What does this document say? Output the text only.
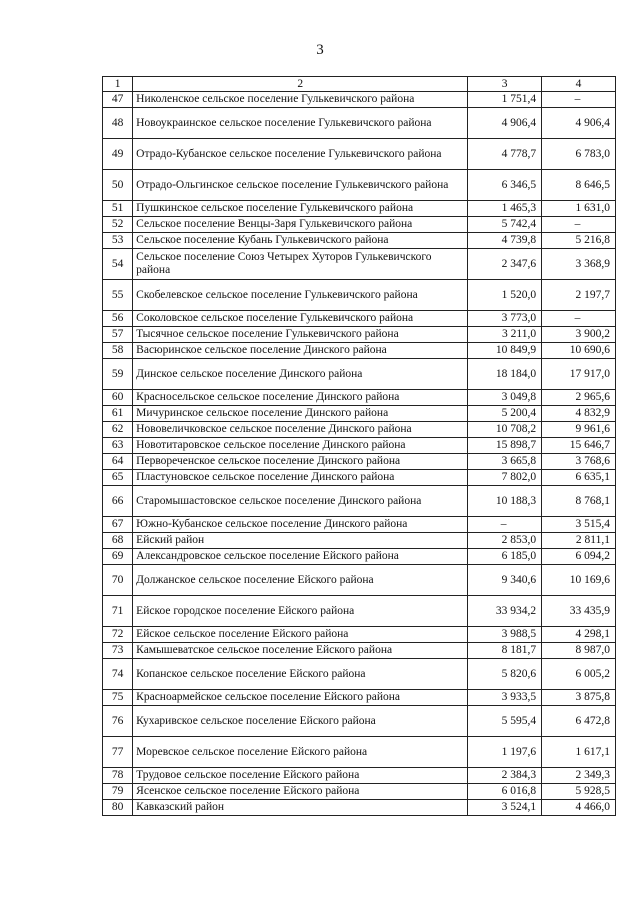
3
1	2	3	4
47	Николенское сельское поселение Гулькевичского района	1 751,4	–
48	Новоукраинское сельское поселение Гулькевичского района	4 906,4	4 906,4
49	Отрадо-Кубанское сельское поселение Гулькевичского района	4 778,7	6 783,0
50	Отрадо-Ольгинское сельское поселение Гулькевичского района	6 346,5	8 646,5
51	Пушкинское сельское поселение Гулькевичского района	1 465,3	1 631,0
52	Сельское поселение Венцы-Заря Гулькевичского района	5 742,4	–
53	Сельское поселение Кубань Гулькевичского района	4 739,8	5 216,8
54	Сельское поселение Союз Четырех Хуторов Гулькевичского района	2 347,6	3 368,9
55	Скобелевское сельское поселение Гулькевичского района	1 520,0	2 197,7
56	Соколовское сельское поселение Гулькевичского района	3 773,0	–
57	Тысячное сельское поселение Гулькевичского района	3 211,0	3 900,2
58	Васюринское сельское поселение Динского района	10 849,9	10 690,6
59	Динское сельское поселение Динского района	18 184,0	17 917,0
60	Красносельское сельское поселение Динского района	3 049,8	2 965,6
61	Мичуринское сельское поселение Динского района	5 200,4	4 832,9
62	Нововеличковское сельское поселение Динского района	10 708,2	9 961,6
63	Новотитаровское сельское поселение Динского района	15 898,7	15 646,7
64	Первореченское сельское поселение Динского района	3 665,8	3 768,6
65	Пластуновское сельское поселение Динского района	7 802,0	6 635,1
66	Старомышастовское сельское поселение Динского района	10 188,3	8 768,1
67	Южно-Кубанское сельское поселение Динского района	–	3 515,4
68	Ейский район	2 853,0	2 811,1
69	Александровское сельское поселение Ейского района	6 185,0	6 094,2
70	Должанское сельское поселение Ейского района	9 340,6	10 169,6
71	Ейское городское поселение Ейского района	33 934,2	33 435,9
72	Ейское сельское поселение Ейского района	3 988,5	4 298,1
73	Камышеватское сельское поселение Ейского района	8 181,7	8 987,0
74	Копанское сельское поселение Ейского района	5 820,6	6 005,2
75	Красноармейское сельское поселение Ейского района	3 933,5	3 875,8
76	Кухаривское сельское поселение Ейского района	5 595,4	6 472,8
77	Моревское сельское поселение Ейского района	1 197,6	1 617,1
78	Трудовое сельское поселение Ейского района	2 384,3	2 349,3
79	Ясенское сельское поселение Ейского района	6 016,8	5 928,5
80	Кавказский район	3 524,1	4 466,0
